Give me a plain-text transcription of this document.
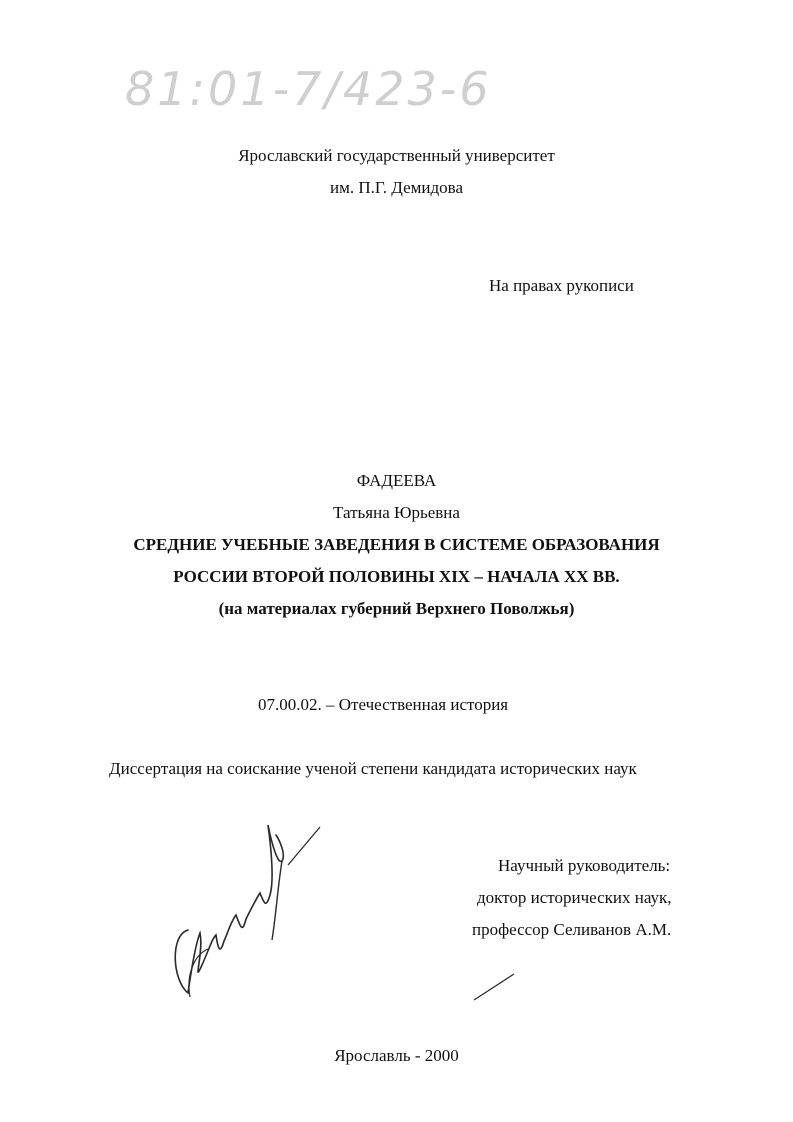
81:01-7/423-6
Ярославский государственный университет
им. П.Г. Демидова
На правах рукописи
ФАДЕЕВА
Татьяна Юрьевна
СРЕДНИЕ УЧЕБНЫЕ ЗАВЕДЕНИЯ В СИСТЕМЕ ОБРАЗОВАНИЯ
РОССИИ ВТОРОЙ ПОЛОВИНЫ XIX – НАЧАЛА XX ВВ.
(на материалах губерний Верхнего Поволжья)
07.00.02. – Отечественная история
Диссертация на соискание ученой степени кандидата исторических наук
Научный руководитель:
доктор исторических наук,
профессор Селиванов А.М.
Ярославль - 2000
